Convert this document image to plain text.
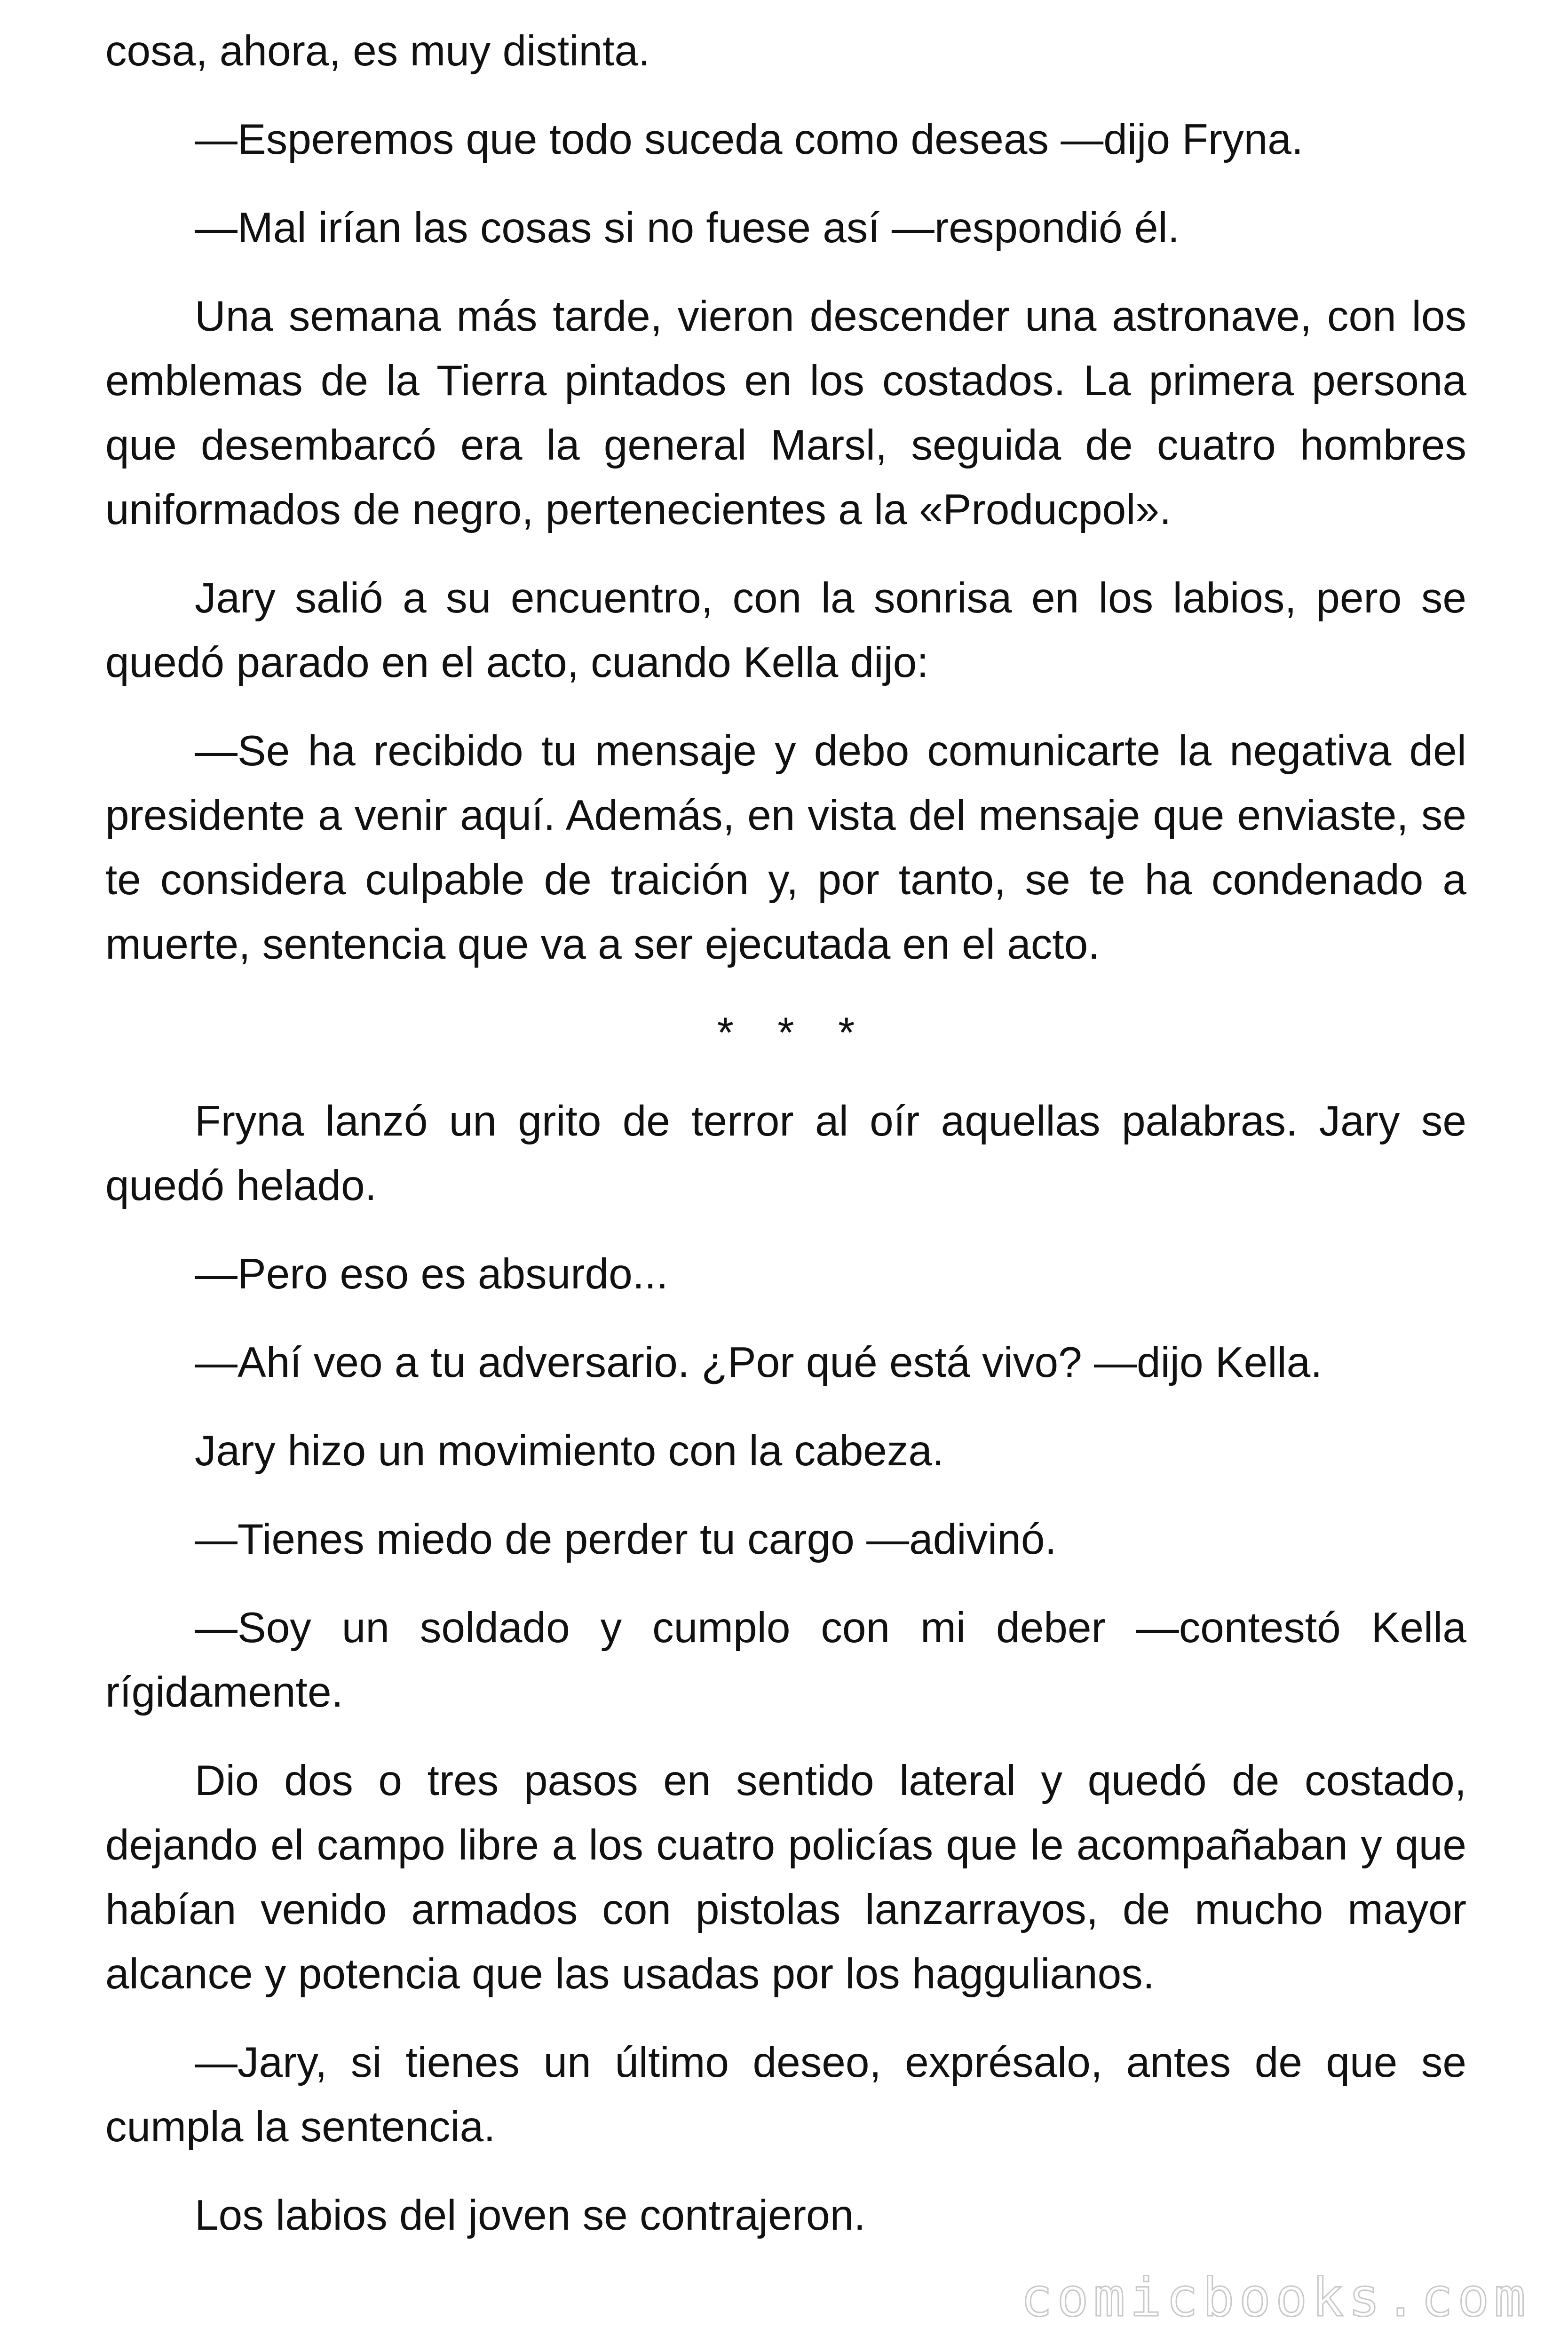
cosa, ahora, es muy distinta.

—Esperemos que todo suceda como deseas —dijo Fryna.

—Mal irían las cosas si no fuese así —respondió él.

Una semana más tarde, vieron descender una astronave, con los emblemas de la Tierra pintados en los costados. La primera persona que desembarcó era la general Marsl, seguida de cuatro hombres uniformados de negro, pertenecientes a la «Producpol».

Jary salió a su encuentro, con la sonrisa en los labios, pero se quedó parado en el acto, cuando Kella dijo:

—Se ha recibido tu mensaje y debo comunicarte la negativa del presidente a venir aquí. Además, en vista del mensaje que enviaste, se te considera culpable de traición y, por tanto, se te ha condenado a muerte, sentencia que va a ser ejecutada en el acto.

* * *

Fryna lanzó un grito de terror al oír aquellas palabras. Jary se quedó helado.

—Pero eso es absurdo...

—Ahí veo a tu adversario. ¿Por qué está vivo? —dijo Kella.

Jary hizo un movimiento con la cabeza.

—Tienes miedo de perder tu cargo —adivinó.

—Soy un soldado y cumplo con mi deber —contestó Kella rígidamente.

Dio dos o tres pasos en sentido lateral y quedó de costado, dejando el campo libre a los cuatro policías que le acompañaban y que habían venido armados con pistolas lanzarrayos, de mucho mayor alcance y potencia que las usadas por los haggulianos.

—Jary, si tienes un último deseo, exprésalo, antes de que se cumpla la sentencia.

Los labios del joven se contrajeron.

comicbooks.com
